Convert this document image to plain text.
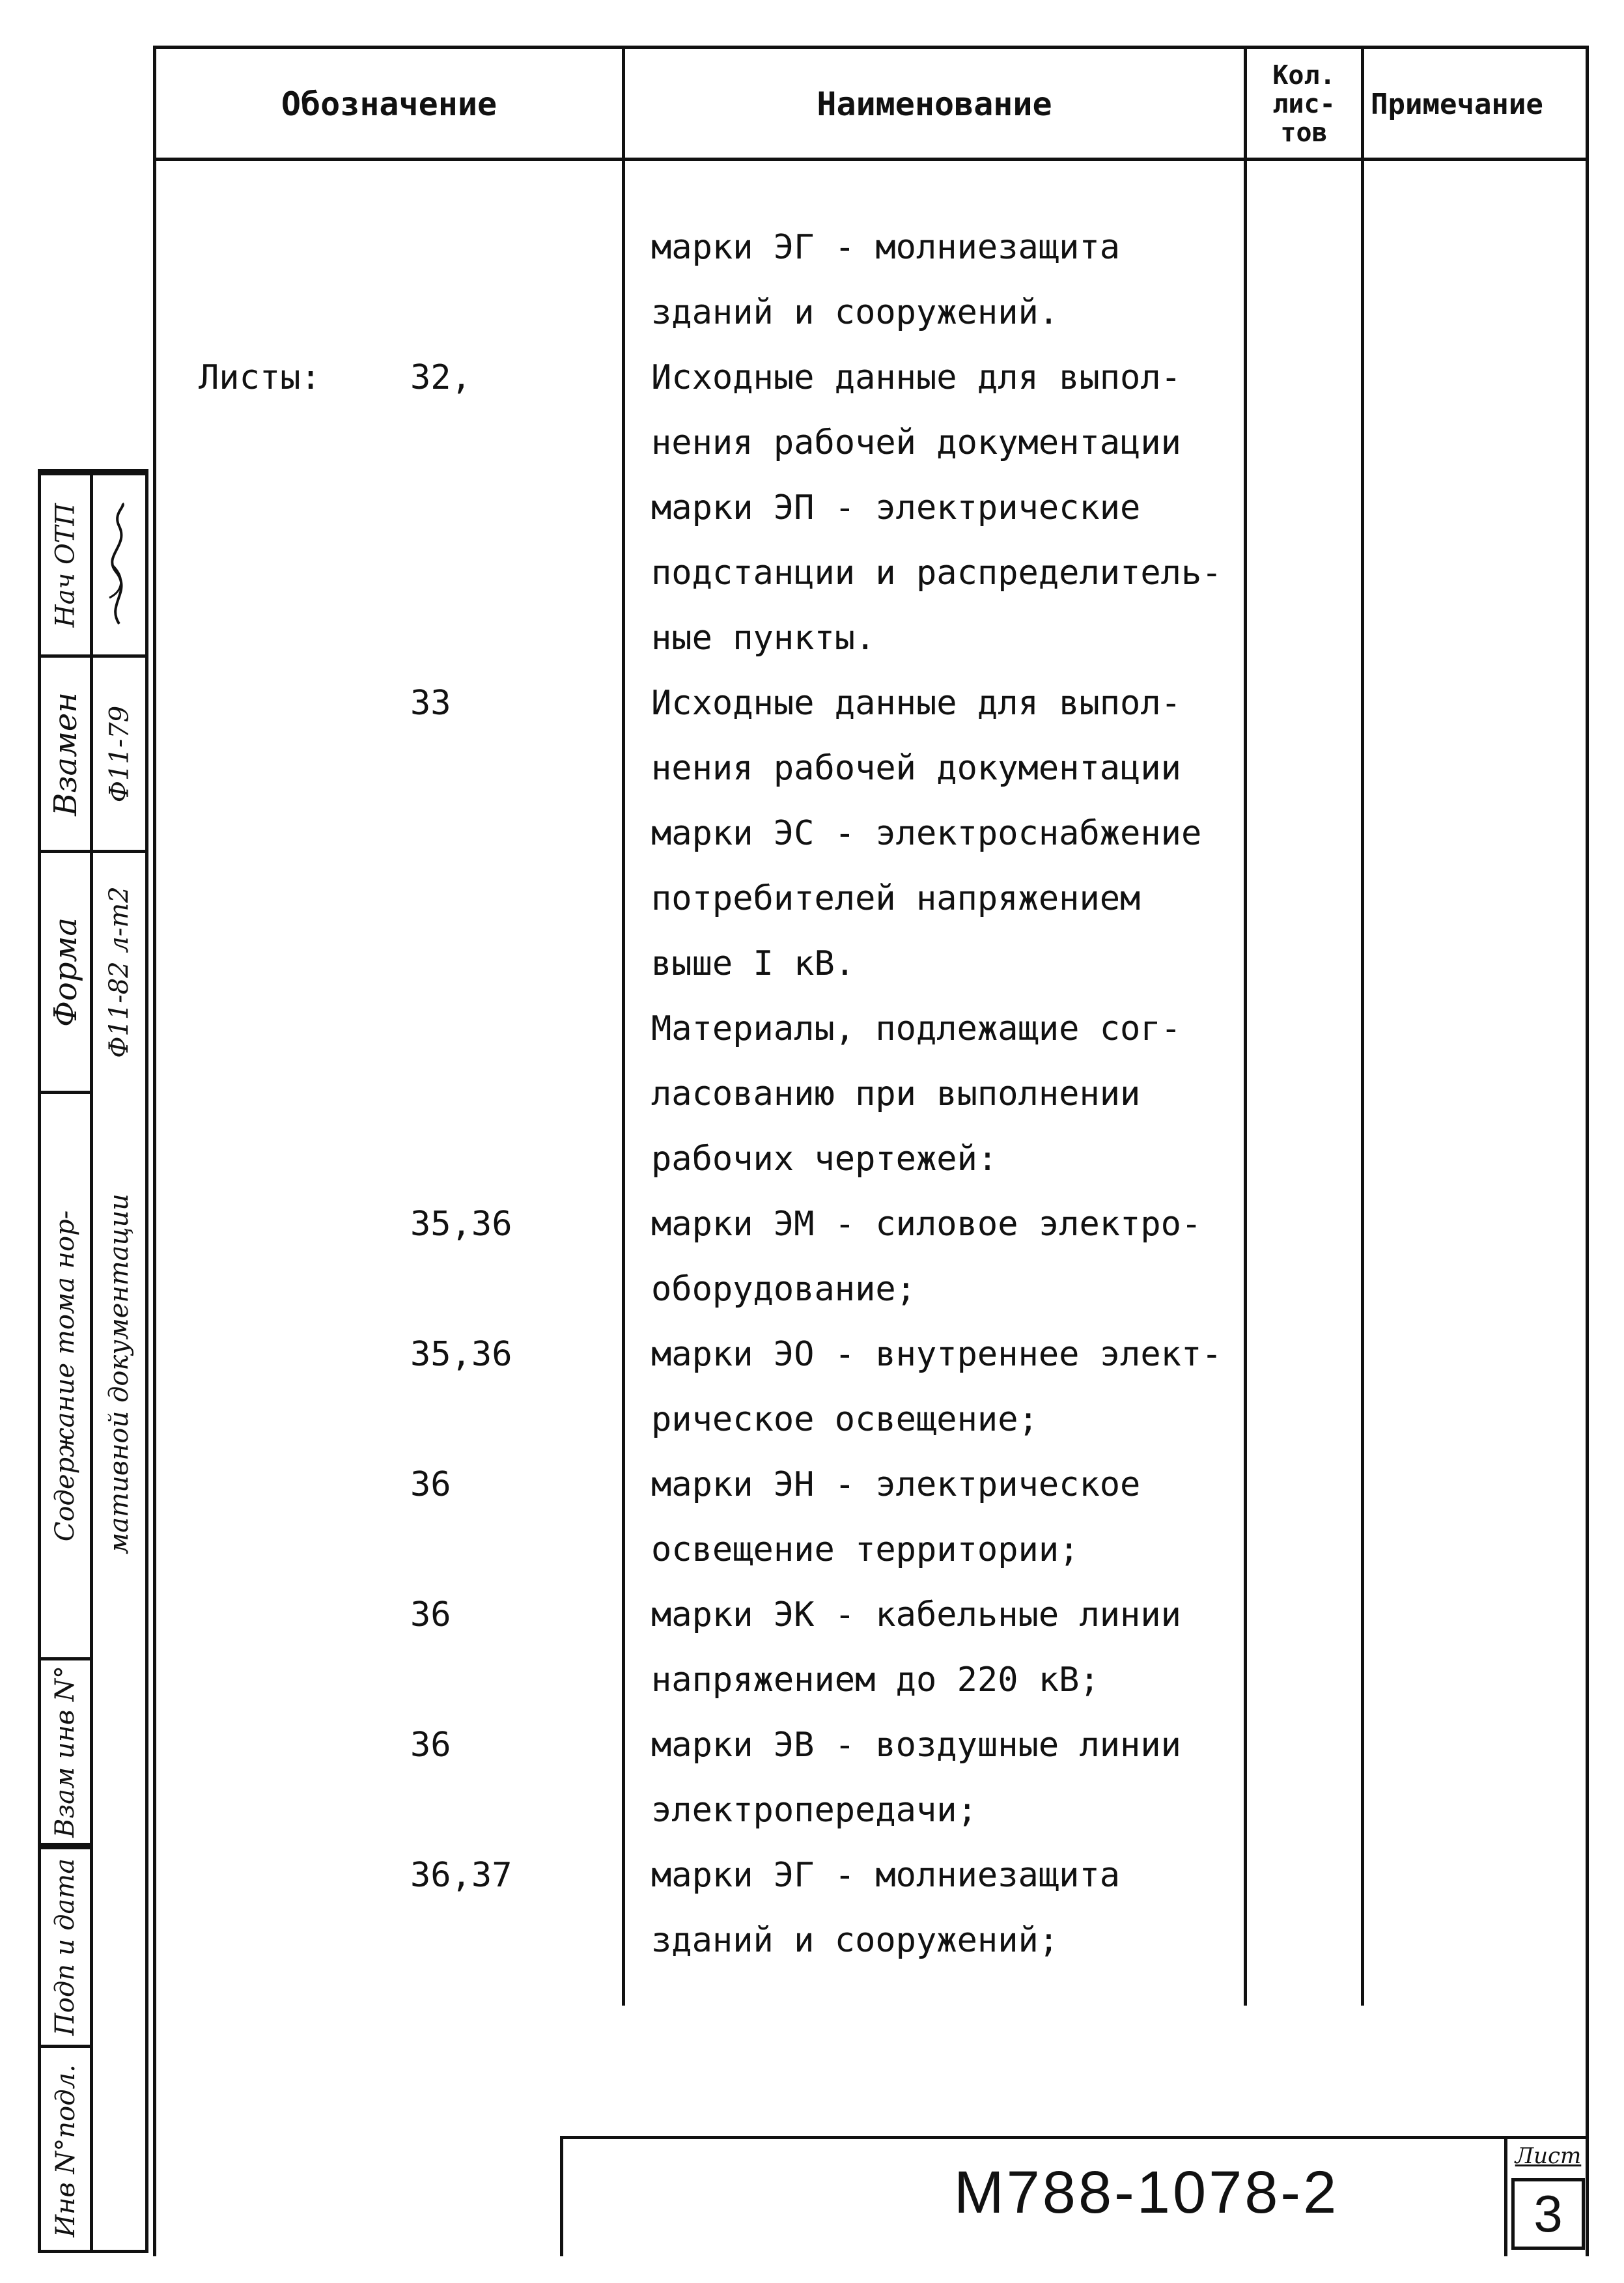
Обозначение	Наименование
Кол. лис- тов
Примечание
Листы:
марки ЭГ - молниезащита
зданий и сооружений.
Исходные данные для выпол-
32,
нения рабочей документации
марки ЭП - электрические
подстанции и распределитель-
ные пункты.
Исходные данные для выпол-
33
нения рабочей документации
марки ЭС - электроснабжение
потребителей напряжением
выше I кВ.
Материалы, подлежащие сог-
ласованию при выполнении
рабочих чертежей:
марки ЭМ - силовое электро-
35,36
оборудование;
марки ЭО - внутреннее элект-
35,36
рическое освещение;
марки ЭН - электрическое
36
освещение территории;
марки ЭК - кабельные линии
36
напряжением до 220 кВ;
марки ЭВ - воздушные линии
36
электропередачи;
марки ЭГ - молниезащита
36,37
зданий и сооружений;
Инв N°подл.
Подп и дата
Взам инв N°
Содержание тома нор-
Форма
Взамен
Нач ОТП
мативной документации
Ф11-82 л-т2
Ф11-79
М788-1078-2
Лист
3
